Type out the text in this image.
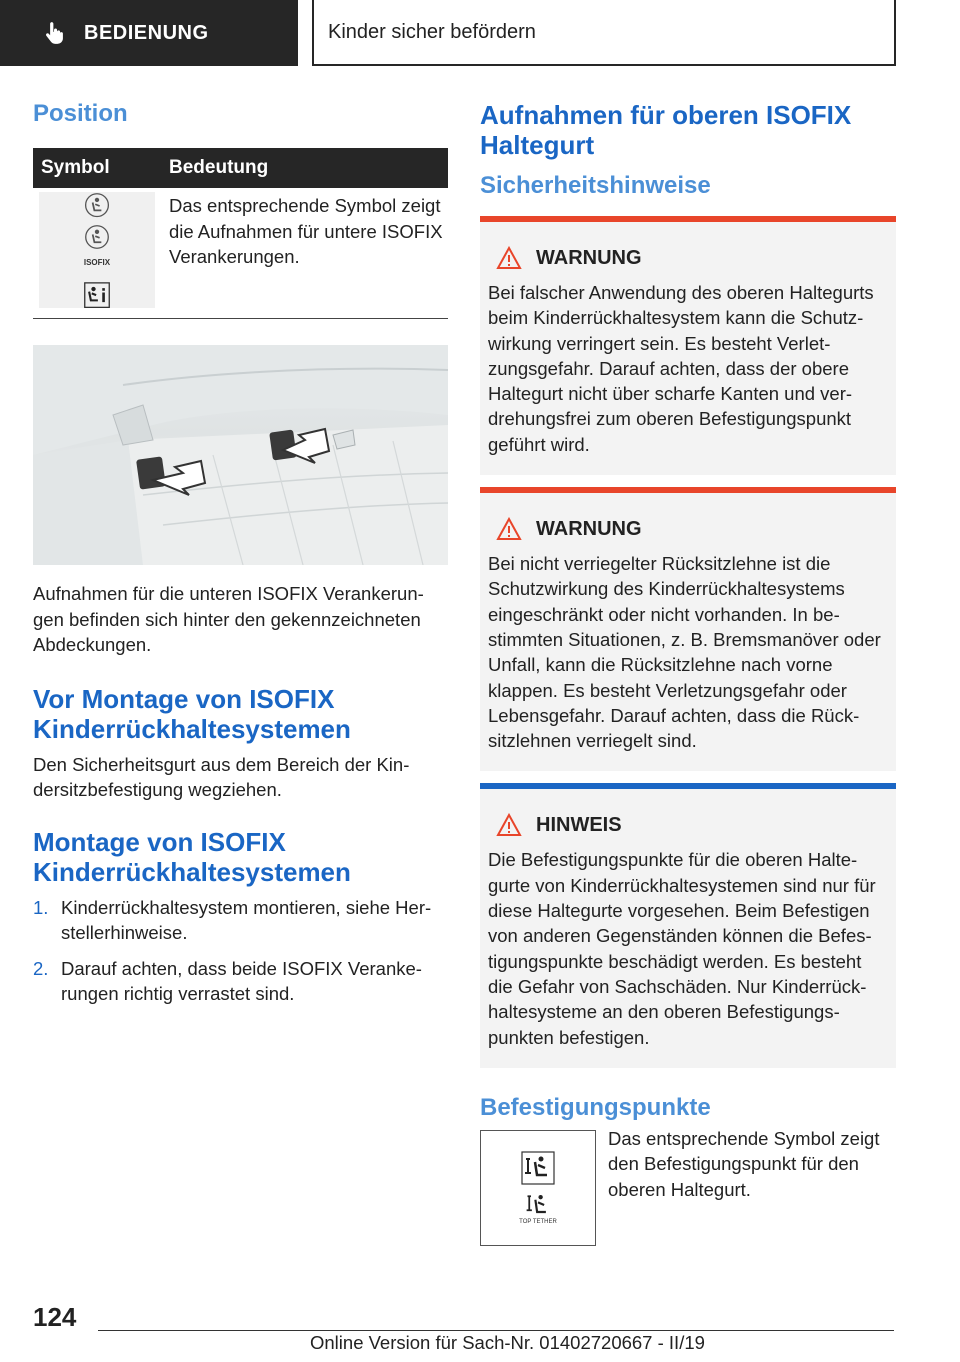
BEDIENUNG	Kinder sicher befördern
Position
Symbol	Bedeutung

ISOFIX	Das entsprechende Symbol zeigt die Aufnahmen für untere ISOFIX Verankerungen.

Aufnahmen für die unteren ISOFIX Verankerun‐gen befinden sich hinter den gekennzeichneten Abdeckungen.

Vor Montage von ISOFIX Kinderrückhaltesystemen

Den Sicherheitsgurt aus dem Bereich der Kin‐dersitzbefestigung wegziehen.

Montage von ISOFIX Kinderrückhaltesystemen
1. Kinderrückhaltesystem montieren, siehe Her‐stellerhinweise.
2. Darauf achten, dass beide ISOFIX Veranke‐rungen richtig verrastet sind.
Aufnahmen für oberen ISOFIX Haltegurt
Sicherheitshinweise
WARNUNG

Bei falscher Anwendung des oberen Haltegurts beim Kinderrückhaltesystem kann die Schutz‐wirkung verringert sein. Es besteht Verlet‐zungsgefahr. Darauf achten, dass der obere Haltegurt nicht über scharfe Kanten und ver‐drehungsfrei zum oberen Befestigungspunkt geführt wird.

WARNUNG

Bei nicht verriegelter Rücksitzlehne ist die Schutzwirkung des Kinderrückhaltesystems eingeschränkt oder nicht vorhanden. In be‐stimmten Situationen, z. B. Bremsmanöver oder Unfall, kann die Rücksitzlehne nach vorne klappen. Es besteht Verletzungsgefahr oder Lebensgefahr. Darauf achten, dass die Rück‐sitzlehnen verriegelt sind.

HINWEIS

Die Befestigungspunkte für die oberen Halte‐gurte von Kinderrückhaltesystemen sind nur für diese Haltegurte vorgesehen. Beim Befestigen von anderen Gegenständen können die Befes‐tigungspunkte beschädigt werden. Es besteht die Gefahr von Sachschäden. Nur Kinderrück‐haltesysteme an den oberen Befestigungs‐punkten befestigen.

Befestigungspunkte
TOP TETHER

Das entsprechende Symbol zeigt den Befestigungspunkt für den oberen Haltegurt.

124
Online Version für Sach-Nr. 01402720667 - II/19
